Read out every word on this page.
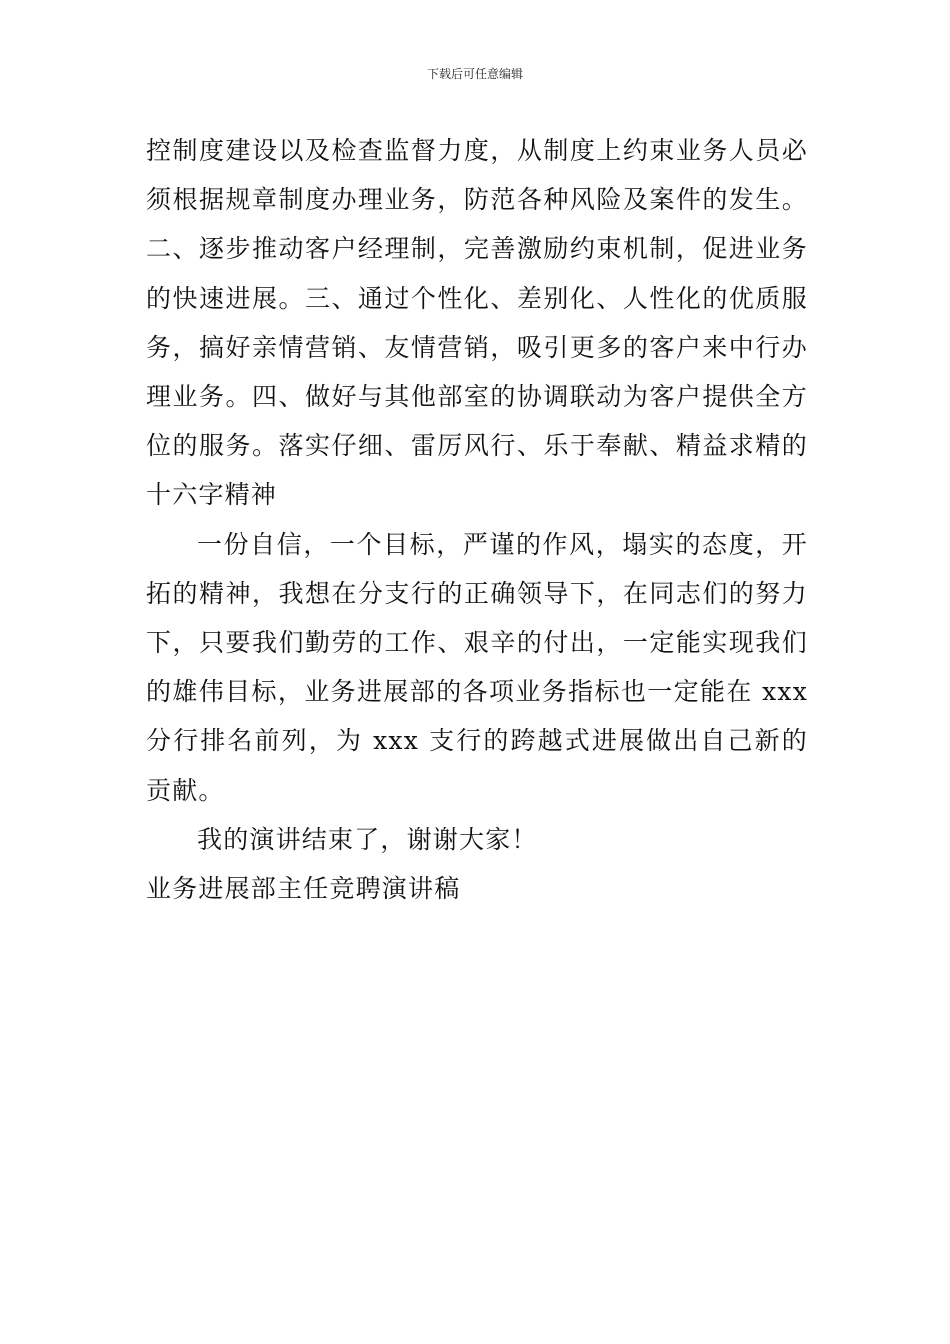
下载后可任意编辑

控制度建设以及检查监督力度，从制度上约束业务人员必须根据规章制度办理业务，防范各种风险及案件的发生。二、逐步推动客户经理制，完善激励约束机制，促进业务的快速进展。三、通过个性化、差别化、人性化的优质服务，搞好亲情营销、友情营销，吸引更多的客户来中行办理业务。四、做好与其他部室的协调联动为客户提供全方位的服务。落实仔细、雷厉风行、乐于奉献、精益求精的十六字精神

一份自信，一个目标，严谨的作风，塌实的态度，开拓的精神，我想在分支行的正确领导下，在同志们的努力下，只要我们勤劳的工作、艰辛的付出，一定能实现我们的雄伟目标，业务进展部的各项业务指标也一定能在 xxx 分行排名前列，为 xxx 支行的跨越式进展做出自己新的贡献。

我的演讲结束了，谢谢大家！

业务进展部主任竞聘演讲稿
